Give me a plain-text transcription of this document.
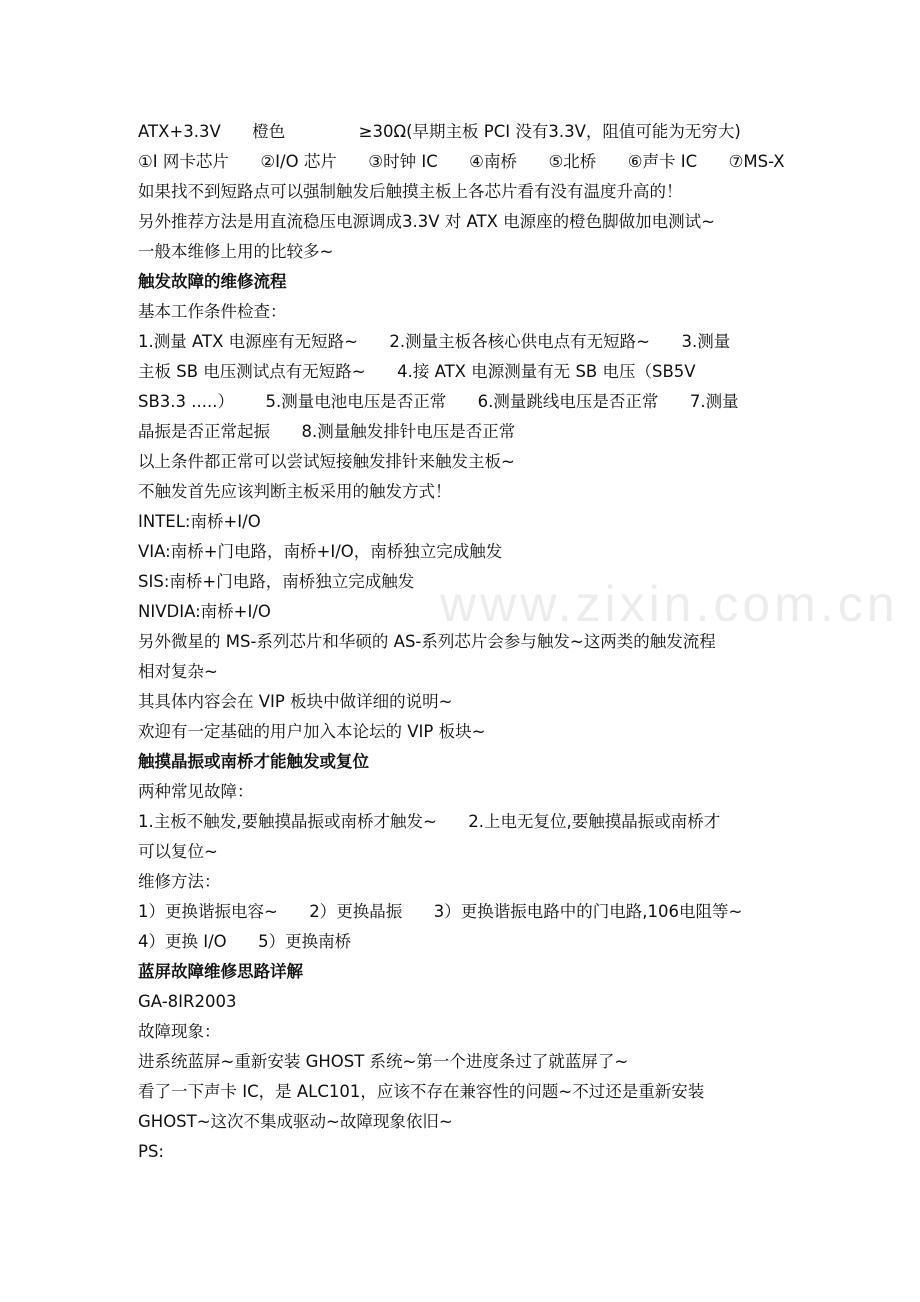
www.zixin.com.cn
ATX+3.3V      橙色              ≥30Ω(早期主板 PCI 没有3.3V，阻值可能为无穷大)
①I 网卡芯片      ②I/O 芯片      ③时钟 IC      ④南桥      ⑤北桥      ⑥声卡 IC      ⑦MS-X
如果找不到短路点可以强制触发后触摸主板上各芯片看有没有温度升高的！
另外推荐方法是用直流稳压电源调成3.3V 对 ATX 电源座的橙色脚做加电测试~
一般本维修上用的比较多~
触发故障的维修流程
基本工作条件检查：
1.测量 ATX 电源座有无短路~      2.测量主板各核心供电点有无短路~      3.测量
主板 SB 电压测试点有无短路~      4.接 ATX 电源测量有无 SB 电压（SB5V
SB3.3 .....）      5.测量电池电压是否正常      6.测量跳线电压是否正常      7.测量
晶振是否正常起振      8.测量触发排针电压是否正常
以上条件都正常可以尝试短接触发排针来触发主板~
不触发首先应该判断主板采用的触发方式！
INTEL:南桥+I/O
VIA:南桥+门电路，南桥+I/O，南桥独立完成触发
SIS:南桥+门电路，南桥独立完成触发
NIVDIA:南桥+I/O
另外微星的 MS-系列芯片和华硕的 AS-系列芯片会参与触发~这两类的触发流程
相对复杂~
其具体内容会在 VIP 板块中做详细的说明~
欢迎有一定基础的用户加入本论坛的 VIP 板块~
触摸晶振或南桥才能触发或复位
两种常见故障：
1.主板不触发,要触摸晶振或南桥才触发~      2.上电无复位,要触摸晶振或南桥才
可以复位~
维修方法：
1）更换谐振电容~      2）更换晶振      3）更换谐振电路中的门电路,106电阻等~
4）更换 I/O      5）更换南桥
蓝屏故障维修思路详解
GA-8IR2003
故障现象：
进系统蓝屏~重新安装 GHOST 系统~第一个进度条过了就蓝屏了~
看了一下声卡 IC，是 ALC101，应该不存在兼容性的问题~不过还是重新安装
GHOST~这次不集成驱动~故障现象依旧~
PS:
